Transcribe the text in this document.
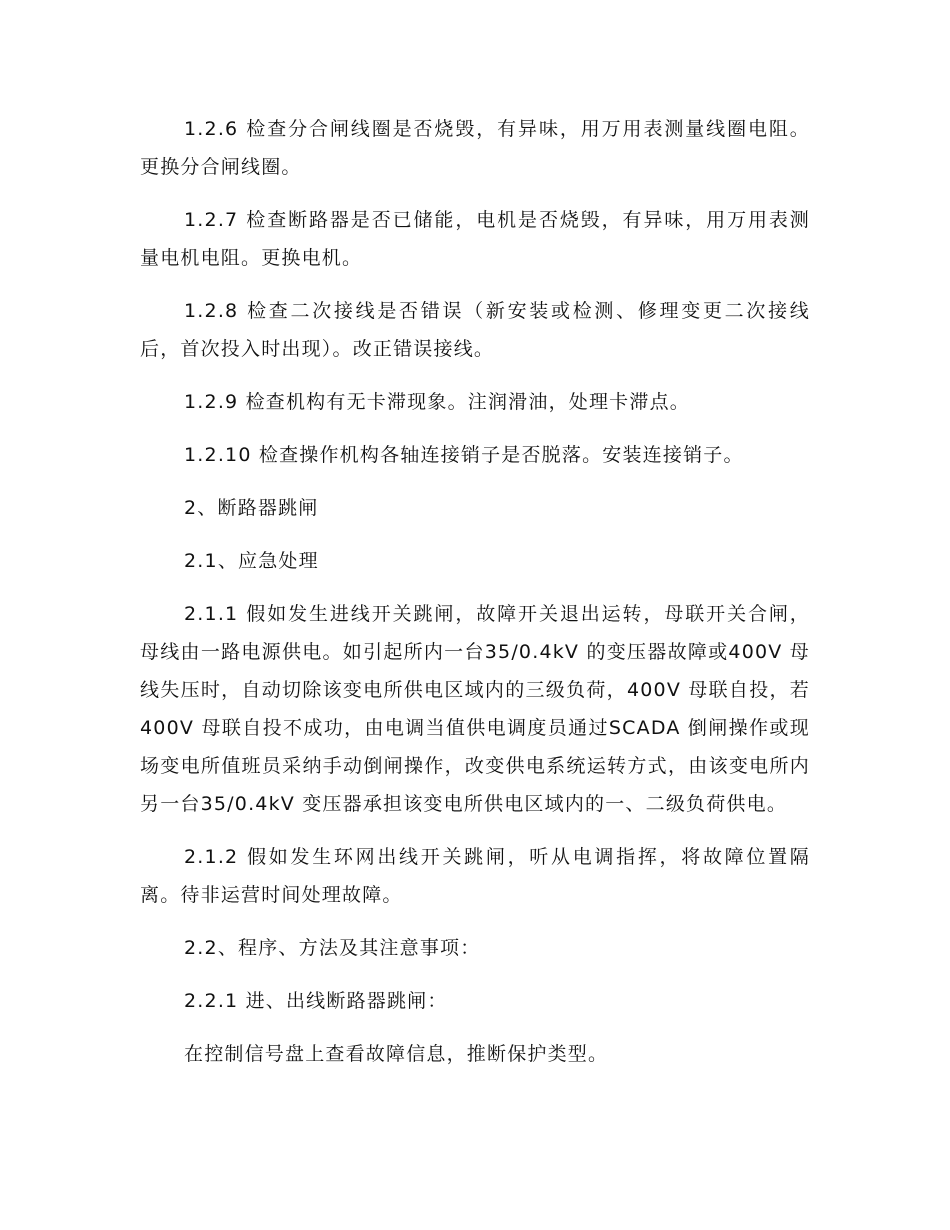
1.2.6 检查分合闸线圈是否烧毁，有异味，用万用表测量线圈电阻。更换分合闸线圈。

1.2.7 检查断路器是否已储能，电机是否烧毁，有异味，用万用表测量电机电阻。更换电机。

1.2.8 检查二次接线是否错误（新安装或检测、修理变更二次接线后，首次投入时出现）。改正错误接线。

1.2.9 检查机构有无卡滞现象。注润滑油，处理卡滞点。

1.2.10 检查操作机构各轴连接销子是否脱落。安装连接销子。

2、断路器跳闸

2.1、应急处理

2.1.1 假如发生进线开关跳闸，故障开关退出运转，母联开关合闸，母线由一路电源供电。如引起所内一台35/0.4kV 的变压器故障或400V 母线失压时，自动切除该变电所供电区域内的三级负荷，400V 母联自投，若400V 母联自投不成功，由电调当值供电调度员通过SCADA 倒闸操作或现场变电所值班员采纳手动倒闸操作，改变供电系统运转方式，由该变电所内另一台35/0.4kV 变压器承担该变电所供电区域内的一、二级负荷供电。

2.1.2 假如发生环网出线开关跳闸，听从电调指挥，将故障位置隔离。待非运营时间处理故障。

2.2、程序、方法及其注意事项：

2.2.1 进、出线断路器跳闸：

在控制信号盘上查看故障信息，推断保护类型。
